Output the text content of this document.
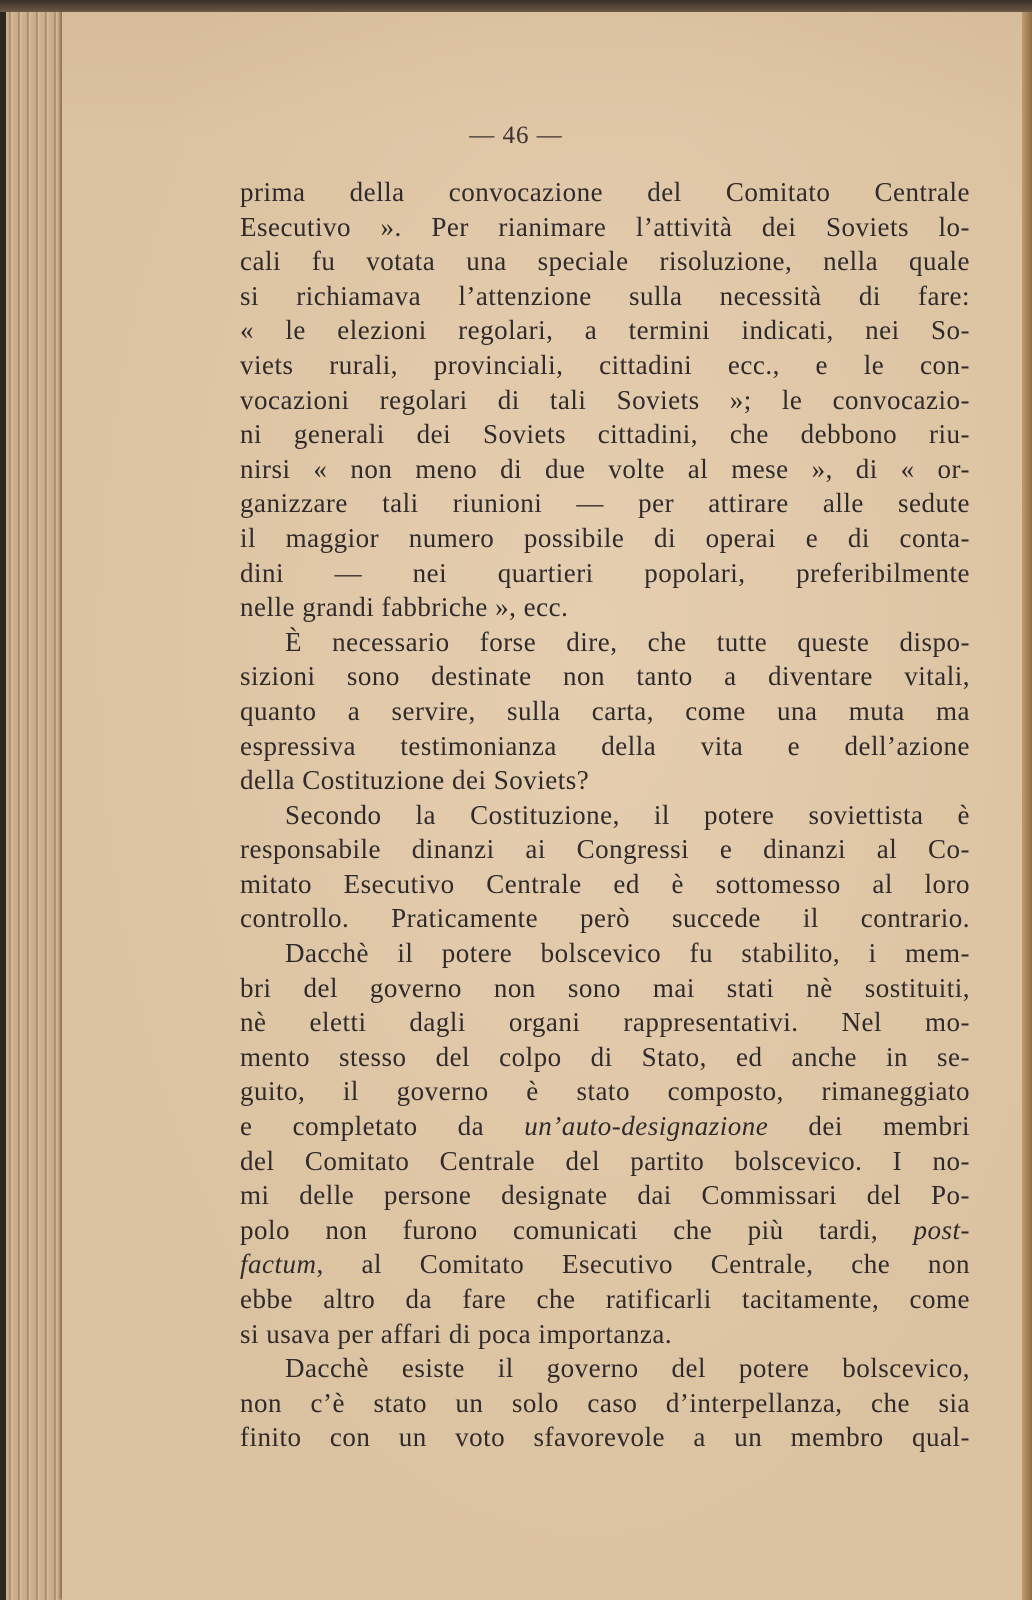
— 46 —
prima della convocazione del Comitato Centrale
Esecutivo ». Per rianimare l’attività dei Soviets lo-
cali fu votata una speciale risoluzione, nella quale
si richiamava l’attenzione sulla necessità di fare:
« le elezioni regolari, a termini indicati, nei So-
viets rurali, provinciali, cittadini ecc., e le con-
vocazioni regolari di tali Soviets »; le convocazio-
ni generali dei Soviets cittadini, che debbono riu-
nirsi « non meno di due volte al mese », di « or-
ganizzare tali riunioni — per attirare alle sedute
il maggior numero possibile di operai e di conta-
dini — nei quartieri popolari, preferibilmente
nelle grandi fabbriche », ecc.
È necessario forse dire, che tutte queste dispo-
sizioni sono destinate non tanto a diventare vitali,
quanto a servire, sulla carta, come una muta ma
espressiva testimonianza della vita e dell’azione
della Costituzione dei Soviets?
Secondo la Costituzione, il potere soviettista è
responsabile dinanzi ai Congressi e dinanzi al Co-
mitato Esecutivo Centrale ed è sottomesso al loro
controllo. Praticamente però succede il contrario.
Dacchè il potere bolscevico fu stabilito, i mem-
bri del governo non sono mai stati nè sostituiti,
nè eletti dagli organi rappresentativi. Nel mo-
mento stesso del colpo di Stato, ed anche in se-
guito, il governo è stato composto, rimaneggiato
e completato da un’auto-designazione dei membri
del Comitato Centrale del partito bolscevico. I no-
mi delle persone designate dai Commissari del Po-
polo non furono comunicati che più tardi, post-
factum, al Comitato Esecutivo Centrale, che non
ebbe altro da fare che ratificarli tacitamente, come
si usava per affari di poca importanza.
Dacchè esiste il governo del potere bolscevico,
non c’è stato un solo caso d’interpellanza, che sia
finito con un voto sfavorevole a un membro qual-
